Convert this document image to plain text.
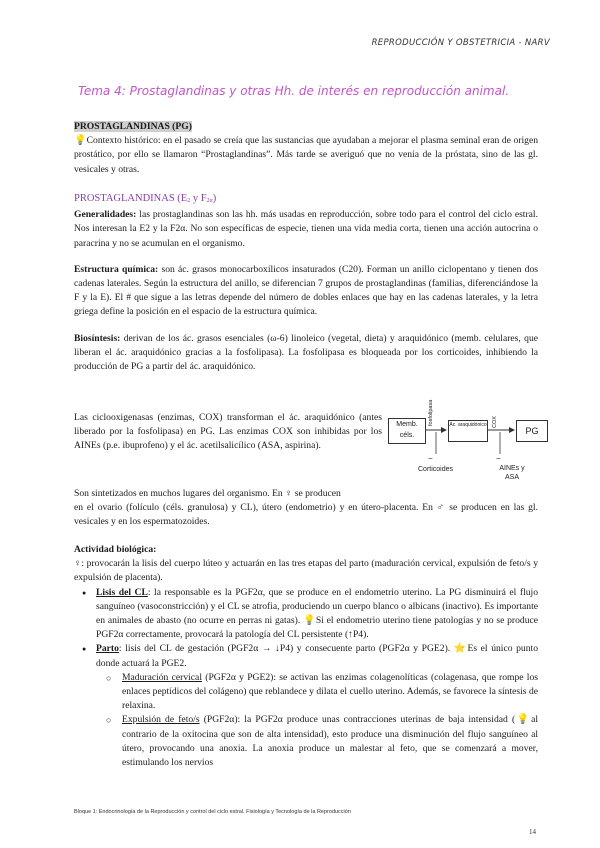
REPRODUCCIÓN Y OBSTETRICIA - NARV
Tema 4: Prostaglandinas y otras Hh. de interés en reproducción animal.

PROSTAGLANDINAS (PG)

💡Contexto histórico: en el pasado se creía que las sustancias que ayudaban a mejorar el plasma seminal eran de origen prostático, por ello se llamaron “Prostaglandinas”. Más tarde se averiguó que no venía de la próstata, sino de las gl. vesicales y otras.

PROSTAGLANDINAS (E2 y F2α)

Generalidades: las prostaglandinas son las hh. más usadas en reproducción, sobre todo para el control del ciclo estral. Nos interesan la E2 y la F2α. No son específicas de especie, tienen una vida media corta, tienen una acción autocrina o paracrina y no se acumulan en el organismo.

Estructura química: son ác. grasos monocarboxílicos insaturados (C20). Forman un anillo ciclopentano y tienen dos cadenas laterales. Según la estructura del anillo, se diferencian 7 grupos de prostaglandinas (familias, diferenciándose la F y la E). El # que sigue a las letras depende del número de dobles enlaces que hay en las cadenas laterales, y la letra griega define la posición en el espacio de la estructura química.

Biosíntesis: derivan de los ác. grasos esenciales (ω-6) linoleico (vegetal, dieta) y araquidónico (memb. celulares, que liberan el ác. araquidónico gracias a la fosfolipasa). La fosfolipasa es bloqueada por los corticoides, inhibiendo la producción de PG a partir del ác. araquidónico.

Las ciclooxigenasas (enzimas, COX) transforman el ác. araquidónico (antes liberado por la fosfolipasa) en PG. Las enzimas COX son inhibidas por los AINEs (p.e. ibuprofeno) y el ác. acetilsalicílico (ASA, aspirina).

Memb. céls.
Ác. araquidónico
PG
fosfolipasa	COX
−
Corticoides
−
AINEs y ASA

Son sintetizados en muchos lugares del organismo. En ♀ se producen

en el ovario (folículo (céls. granulosa) y CL), útero (endometrio) y en útero-placenta. En ♂ se producen en las gl. vesicales y en los espermatozoides.

Actividad biológica:

♀: provocarán la lisis del cuerpo lúteo y actuarán en las tres etapas del parto (maduración cervical, expulsión de feto/s y expulsión de placenta).

● Lisis del CL: la responsable es la PGF2α, que se produce en el endometrio uterino. La PG disminuirá el flujo sanguíneo (vasoconstricción) y el CL se atrofia, produciendo un cuerpo blanco o albicans (inactivo). Es importante en animales de abasto (no ocurre en perras ni gatas). 💡Si el endometrio uterino tiene patologías y no se produce PGF2α correctamente, provocará la patología del CL persistente (↑P4).
● Parto: lisis del CL de gestación (PGF2α → ↓P4) y consecuente parto (PGF2α y PGE2). ⭐Es el único punto donde actuará la PGE2.
○ Maduración cervical (PGF2α y PGE2): se activan las enzimas colagenolíticas (colagenasa, que rompe los enlaces peptídicos del colágeno) que reblandece y dilata el cuello uterino. Además, se favorece la síntesis de relaxina.
○ Expulsión de feto/s (PGF2α): la PGF2α produce unas contracciones uterinas de baja intensidad (💡al contrario de la oxitocina que son de alta intensidad), esto produce una disminución del flujo sanguíneo al útero, provocando una anoxia. La anoxia produce un malestar al feto, que se comenzará a mover, estimulando los nervios
Bloque 1: Endocrinología de la Reproducción y control del ciclo estral. Fisiología y Tecnología de la Reproducción
14
